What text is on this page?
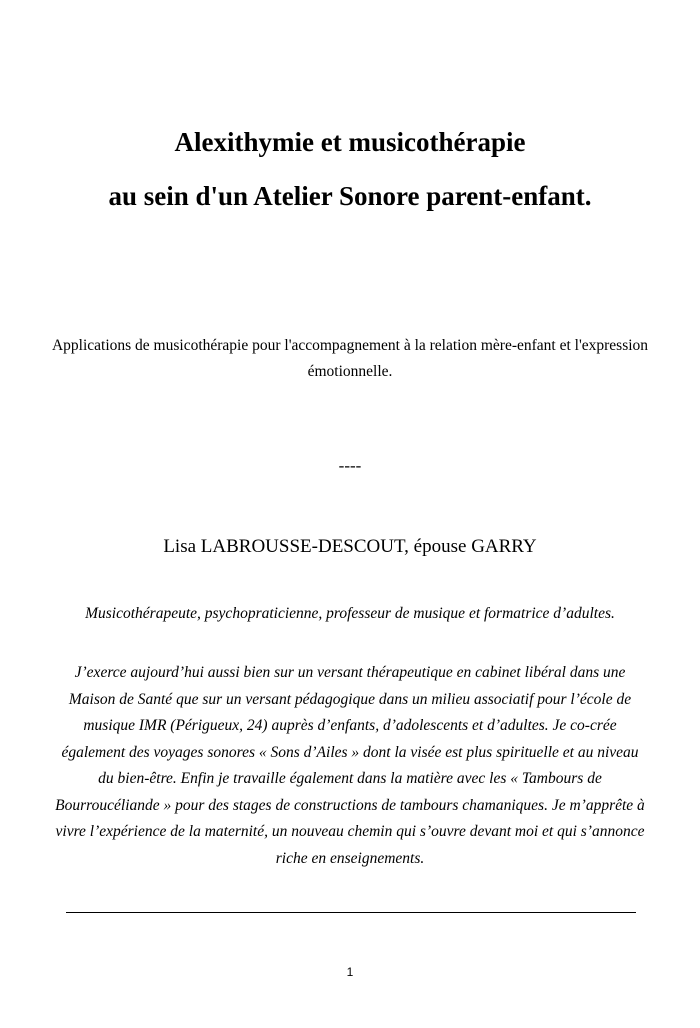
Alexithymie et musicothérapie
au sein d'un Atelier Sonore parent-enfant.

Applications de musicothérapie pour l'accompagnement à la relation mère-enfant et l'expression émotionnelle.

----

Lisa LABROUSSE-DESCOUT, épouse GARRY

Musicothérapeute, psychopraticienne, professeur de musique et formatrice d’adultes.

J’exerce aujourd’hui aussi bien sur un versant thérapeutique en cabinet libéral dans une Maison de Santé que sur un versant pédagogique dans un milieu associatif pour l’école de musique IMR (Périgueux, 24) auprès d’enfants, d’adolescents et d’adultes. Je co-crée également des voyages sonores « Sons d’Ailes » dont la visée est plus spirituelle et au niveau du bien-être. Enfin je travaille également dans la matière avec les « Tambours de Bourroucéliande » pour des stages de constructions de tambours chamaniques. Je m’apprête à vivre l’expérience de la maternité, un nouveau chemin qui s’ouvre devant moi et qui s’annonce riche en enseignements.

1
